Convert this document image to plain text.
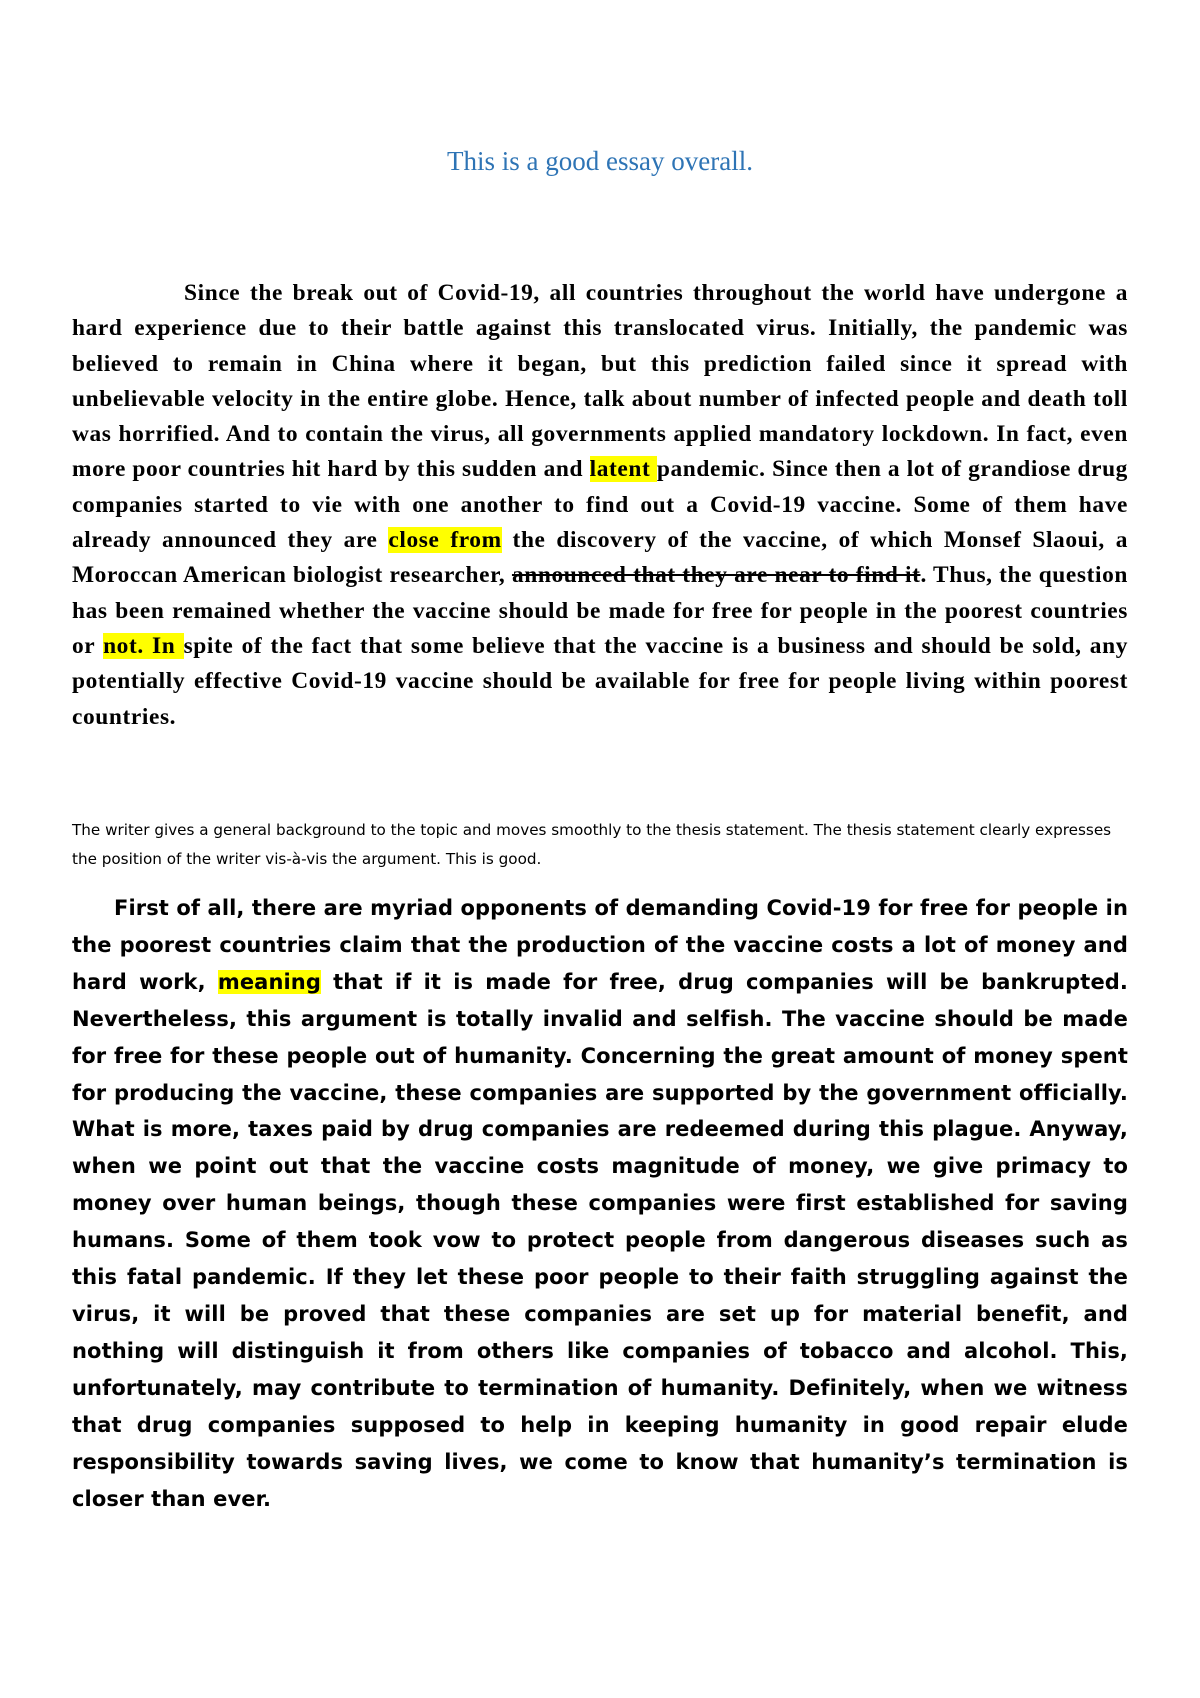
This is a good essay overall.

Since the break out of Covid-19, all countries throughout the world have undergone a hard experience due to their battle against this translocated virus. Initially, the pandemic was believed to remain in China where it began, but this prediction failed since it spread with unbelievable velocity in the entire globe. Hence, talk about number of infected people and death toll was horrified. And to contain the virus, all governments applied mandatory lockdown. In fact, even more poor countries hit hard by this sudden and latent pandemic. Since then a lot of grandiose drug companies started to vie with one another to find out a Covid-19 vaccine. Some of them have already announced they are close from the discovery of the vaccine, of which Monsef Slaoui, a Moroccan American biologist researcher, announced that they are near to find it. Thus, the question has been remained whether the vaccine should be made for free for people in the poorest countries or not. In spite of the fact that some believe that the vaccine is a business and should be sold, any potentially effective Covid-19 vaccine should be available for free for people living within poorest countries.

The writer gives a general background to the topic and moves smoothly to the thesis statement. The thesis statement clearly expresses the position of the writer vis-à-vis the argument. This is good.

First of all, there are myriad opponents of demanding Covid-19 for free for people in the poorest countries claim that the production of the vaccine costs a lot of money and hard work, meaning that if it is made for free, drug companies will be bankrupted. Nevertheless, this argument is totally invalid and selfish. The vaccine should be made for free for these people out of humanity. Concerning the great amount of money spent for producing the vaccine, these companies are supported by the government officially. What is more, taxes paid by drug companies are redeemed during this plague. Anyway, when we point out that the vaccine costs magnitude of money, we give primacy to money over human beings, though these companies were first established for saving humans. Some of them took vow to protect people from dangerous diseases such as this fatal pandemic. If they let these poor people to their faith struggling against the virus, it will be proved that these companies are set up for material benefit, and nothing will distinguish it from others like companies of tobacco and alcohol. This, unfortunately, may contribute to termination of humanity. Definitely, when we witness that drug companies supposed to help in keeping humanity in good repair elude responsibility towards saving lives, we come to know that humanity’s termination is closer than ever.
